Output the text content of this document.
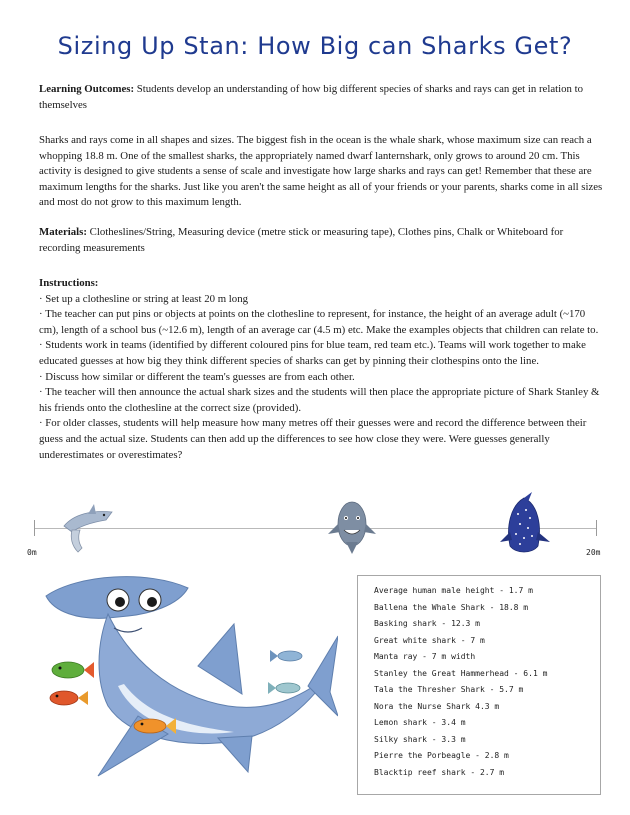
Sizing Up Stan: How Big can Sharks Get?

Learning Outcomes: Students develop an understanding of how big different species of sharks and rays can get in relation to themselves

Sharks and rays come in all shapes and sizes. The biggest fish in the ocean is the whale shark, whose maximum size can reach a whopping 18.8 m. One of the smallest sharks, the appropriately named dwarf lanternshark, only grows to around 20 cm. This activity is designed to give students a sense of scale and investigate how large sharks and rays can get! Remember that these are maximum lengths for the sharks. Just like you aren't the same height as all of your friends or your parents, sharks come in all sizes and most do not grow to this maximum length.

Materials: Clotheslines/String, Measuring device (metre stick or measuring tape), Clothes pins, Chalk or Whiteboard for recording measurements

Instructions:
· Set up a clothesline or string at least 20 m long
· The teacher can put pins or objects at points on the clothesline to represent, for instance, the height of an average adult (~170 cm), length of a school bus (~12.6 m), length of an average car (4.5 m) etc. Make the examples objects that children can relate to.
· Students work in teams (identified by different coloured pins for blue team, red team etc.). Teams will work together to make educated guesses at how big they think different species of sharks can get by pinning their clothespins onto the line.
· Discuss how similar or different the team's guesses are from each other.
· The teacher will then announce the actual shark sizes and the students will then place the appropriate picture of Shark Stanley & his friends onto the clothesline at the correct size (provided).
· For older classes, students will help measure how many metres off their guesses were and record the difference between their guess and the actual size. Students can then add up the differences to see how close they were. Were guesses generally underestimates or overestimates?
0m	20m
Average human male height - 1.7 m
Ballena the Whale Shark - 18.8 m
Basking shark - 12.3 m
Great white shark - 7 m
Manta ray - 7 m width
Stanley the Great Hammerhead - 6.1 m
Tala the Thresher Shark - 5.7 m
Nora the Nurse Shark 4.3 m
Lemon shark - 3.4 m
Silky shark - 3.3 m
Pierre the Porbeagle - 2.8 m
Blacktip reef shark - 2.7 m
